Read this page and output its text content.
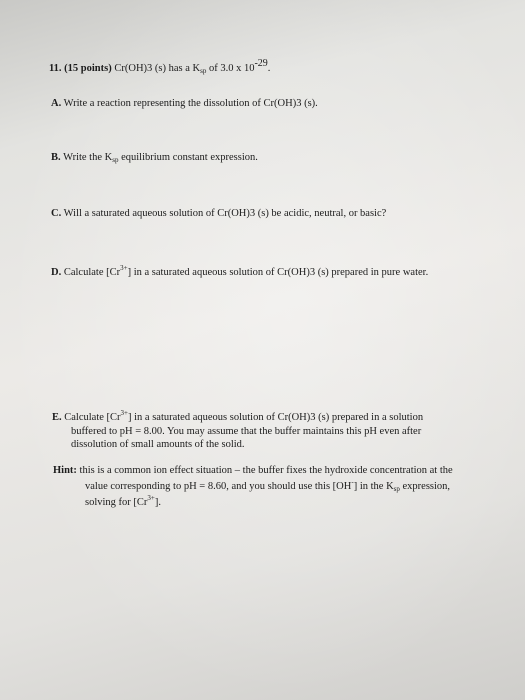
11. (15 points) Cr(OH)3 (s) has a $K_{sp}$ of 3.0 x $10^{-29}$.
A. Write a reaction representing the dissolution of Cr(OH)3 (s).
B. Write the $K_{sp}$ equilibrium constant expression.
C. Will a saturated aqueous solution of Cr(OH)3 (s) be acidic, neutral, or basic?
D. Calculate $[Cr^{3+}]$ in a saturated aqueous solution of Cr(OH)3 (s) prepared in pure water.
E. Calculate $[Cr^{3+}]$ in a saturated aqueous solution of Cr(OH)3 (s) prepared in a solution
buffered to pH = 8.00. You may assume that the buffer maintains this pH even after
dissolution of small amounts of the solid.
Hint: this is a common ion effect situation – the buffer fixes the hydroxide concentration at the
value corresponding to pH = 8.60, and you should use this [OH-] in the $K_{sp}$ expression,
solving for $[Cr^{3+}]$.
